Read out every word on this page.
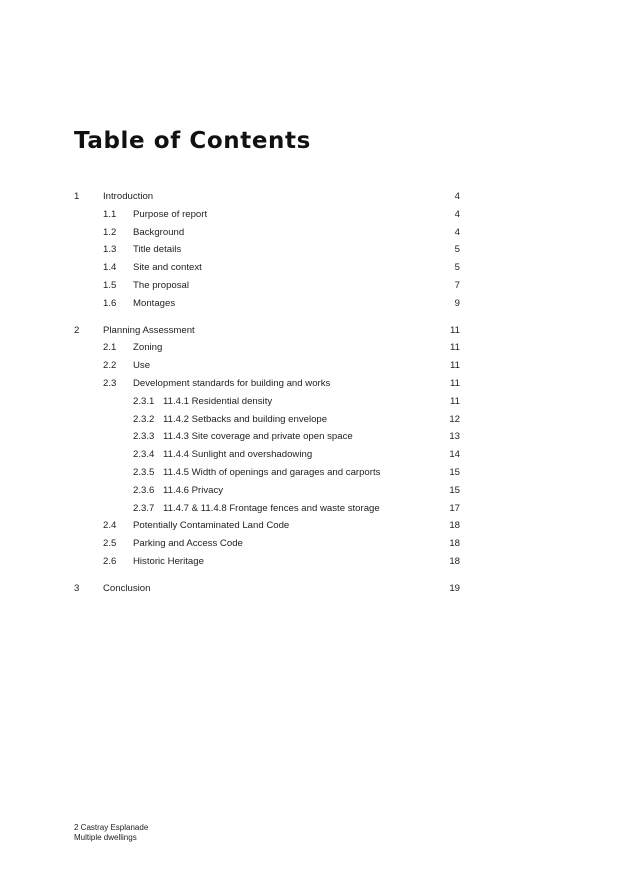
Table of Contents
1 Introduction	4
1.1 Purpose of report	4
1.2 Background	4
1.3 Title details	5
1.4 Site and context	5
1.5 The proposal	7
1.6 Montages	9
2 Planning Assessment	11
2.1 Zoning	11
2.2 Use	11
2.3 Development standards for building and works	11
2.3.1 11.4.1 Residential density	11
2.3.2 11.4.2 Setbacks and building envelope	12
2.3.3 11.4.3 Site coverage and private open space	13
2.3.4 11.4.4 Sunlight and overshadowing	14
2.3.5 11.4.5 Width of openings and garages and carports	15
2.3.6 11.4.6 Privacy	15
2.3.7 11.4.7 & 11.4.8 Frontage fences and waste storage	17
2.4 Potentially Contaminated Land Code	18
2.5 Parking and Access Code	18
2.6 Historic Heritage	18
3 Conclusion	19
2 Castray Esplanade
Multiple dwellings
